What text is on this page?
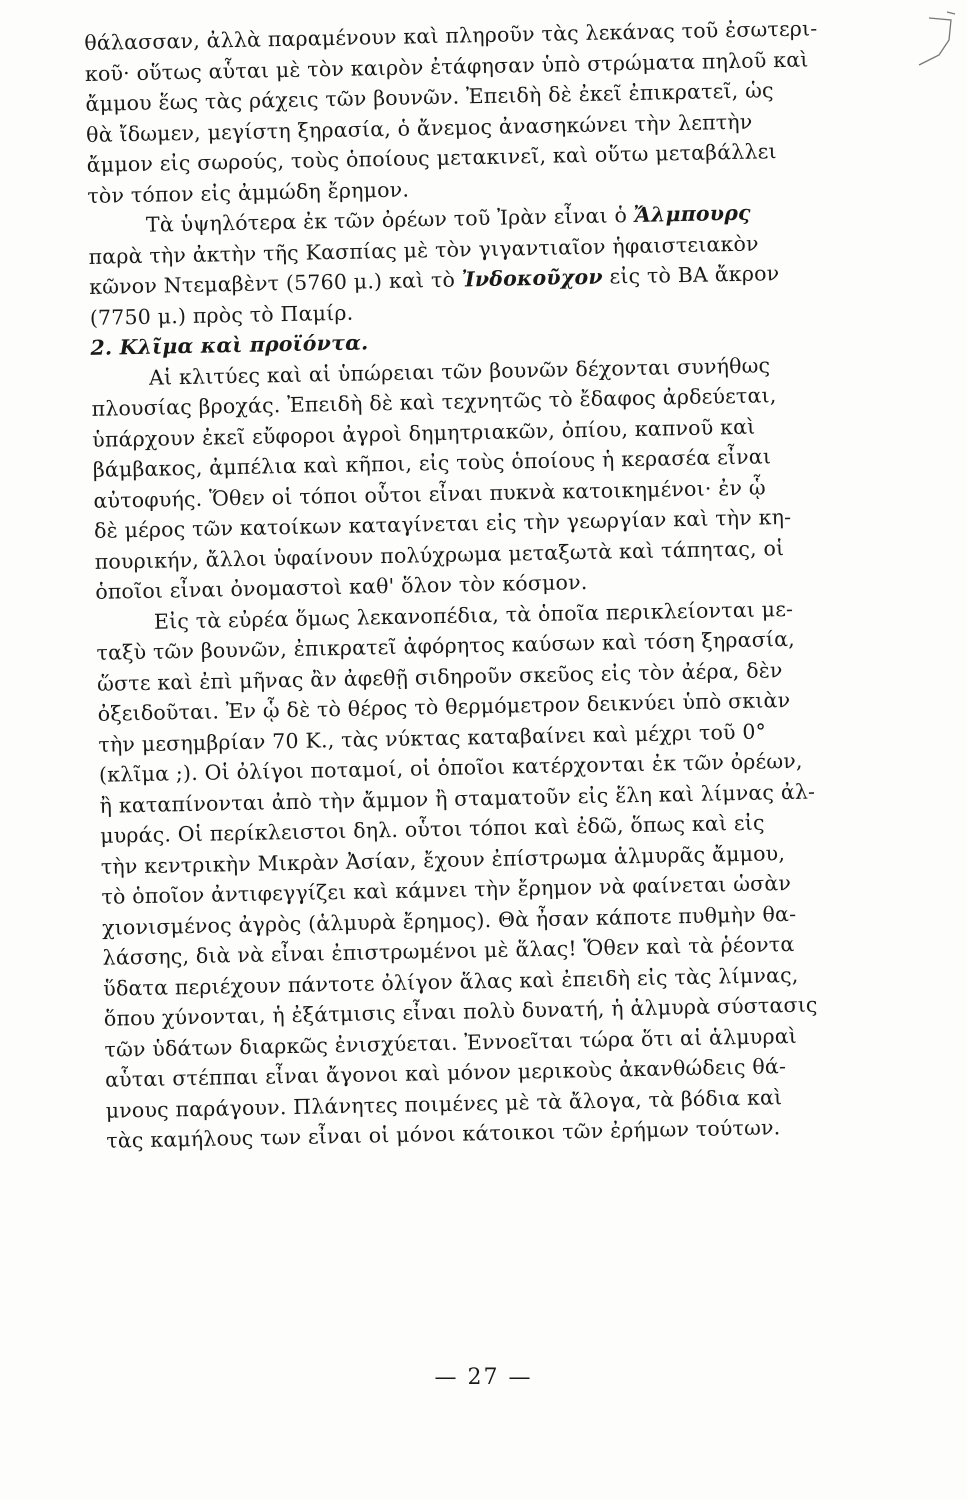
θάλασσαν, ἀλλὰ παραμένουν καὶ πληροῦν τὰς λεκάνας τοῦ ἐσωτερι-
κοῦ· οὕτως αὗται μὲ τὸν καιρὸν ἐτάφησαν ὑπὸ στρώματα πηλοῦ καὶ
ἄμμου ἕως τὰς ράχεις τῶν βουνῶν. Ἐπειδὴ δὲ ἐκεῖ ἐπικρατεῖ, ὡς
θὰ ἴδωμεν, μεγίστη ξηρασία, ὁ ἄνεμος ἀνασηκώνει τὴν λεπτὴν
ἄμμον εἰς σωρούς, τοὺς ὁποίους μετακινεῖ, καὶ οὕτω μεταβάλλει
τὸν τόπον εἰς ἀμμώδη ἔρημον.
Τὰ ὑψηλότερα ἐκ τῶν ὀρέων τοῦ Ἰρὰν εἶναι ὁ Ἄλμπουρς
παρὰ τὴν ἀκτὴν τῆς Κασπίας μὲ τὸν γιγαντιαῖον ἡφαιστειακὸν
κῶνον Ντεμαβὲντ (5760 μ.) καὶ τὸ Ἰνδοκοῦχον εἰς τὸ ΒΑ ἄκρον
(7750 μ.) πρὸς τὸ Παμίρ.
2. Κλῖμα καὶ προϊόντα.
Αἱ κλιτύες καὶ αἱ ὑπώρειαι τῶν βουνῶν δέχονται συνήθως
πλουσίας βροχάς. Ἐπειδὴ δὲ καὶ τεχνητῶς τὸ ἔδαφος ἀρδεύεται,
ὑπάρχουν ἐκεῖ εὔφοροι ἀγροὶ δημητριακῶν, ὀπίου, καπνοῦ καὶ
βάμβακος, ἀμπέλια καὶ κῆποι, εἰς τοὺς ὁποίους ἡ κερασέα εἶναι
αὐτοφυής. Ὅθεν οἱ τόποι οὗτοι εἶναι πυκνὰ κατοικημένοι· ἐν ᾧ
δὲ μέρος τῶν κατοίκων καταγίνεται εἰς τὴν γεωργίαν καὶ τὴν κη-
πουρικήν, ἄλλοι ὑφαίνουν πολύχρωμα μεταξωτὰ καὶ τάπητας, οἱ
ὁποῖοι εἶναι ὀνομαστοὶ καθ' ὅλον τὸν κόσμον.
Εἰς τὰ εὐρέα ὅμως λεκανοπέδια, τὰ ὁποῖα περικλείονται με-
ταξὺ τῶν βουνῶν, ἐπικρατεῖ ἀφόρητος καύσων καὶ τόση ξηρασία,
ὥστε καὶ ἐπὶ μῆνας ἂν ἀφεθῇ σιδηροῦν σκεῦος εἰς τὸν ἀέρα, δὲν
ὀξειδοῦται. Ἐν ᾧ δὲ τὸ θέρος τὸ θερμόμετρον δεικνύει ὑπὸ σκιὰν
τὴν μεσημβρίαν 70 Κ., τὰς νύκτας καταβαίνει καὶ μέχρι τοῦ 0°
(κλῖμα ;). Οἱ ὀλίγοι ποταμοί, οἱ ὁποῖοι κατέρχονται ἐκ τῶν ὀρέων,
ἢ καταπίνονται ἀπὸ τὴν ἄμμον ἢ σταματοῦν εἰς ἕλη καὶ λίμνας ἀλ-
μυράς. Οἱ περίκλειστοι δηλ. οὗτοι τόποι καὶ ἐδῶ, ὅπως καὶ εἰς
τὴν κεντρικὴν Μικρὰν Ἀσίαν, ἔχουν ἐπίστρωμα ἁλμυρᾶς ἄμμου,
τὸ ὁποῖον ἀντιφεγγίζει καὶ κάμνει τὴν ἔρημον νὰ φαίνεται ὡσὰν
χιονισμένος ἀγρὸς (ἁλμυρὰ ἔρημος). Θὰ ἦσαν κάποτε πυθμὴν θα-
λάσσης, διὰ νὰ εἶναι ἐπιστρωμένοι μὲ ἅλας! Ὅθεν καὶ τὰ ῥέοντα
ὕδατα περιέχουν πάντοτε ὀλίγον ἅλας καὶ ἐπειδὴ εἰς τὰς λίμνας,
ὅπου χύνονται, ἡ ἐξάτμισις εἶναι πολὺ δυνατή, ἡ ἁλμυρὰ σύστασις
τῶν ὑδάτων διαρκῶς ἐνισχύεται. Ἐννοεῖται τώρα ὅτι αἱ ἁλμυραὶ
αὗται στέππαι εἶναι ἄγονοι καὶ μόνον μερικοὺς ἀκανθώδεις θά-
μνους παράγουν. Πλάνητες ποιμένες μὲ τὰ ἄλογα, τὰ βόδια καὶ
τὰς καμήλους των εἶναι οἱ μόνοι κάτοικοι τῶν ἐρήμων τούτων.
— 27 —
